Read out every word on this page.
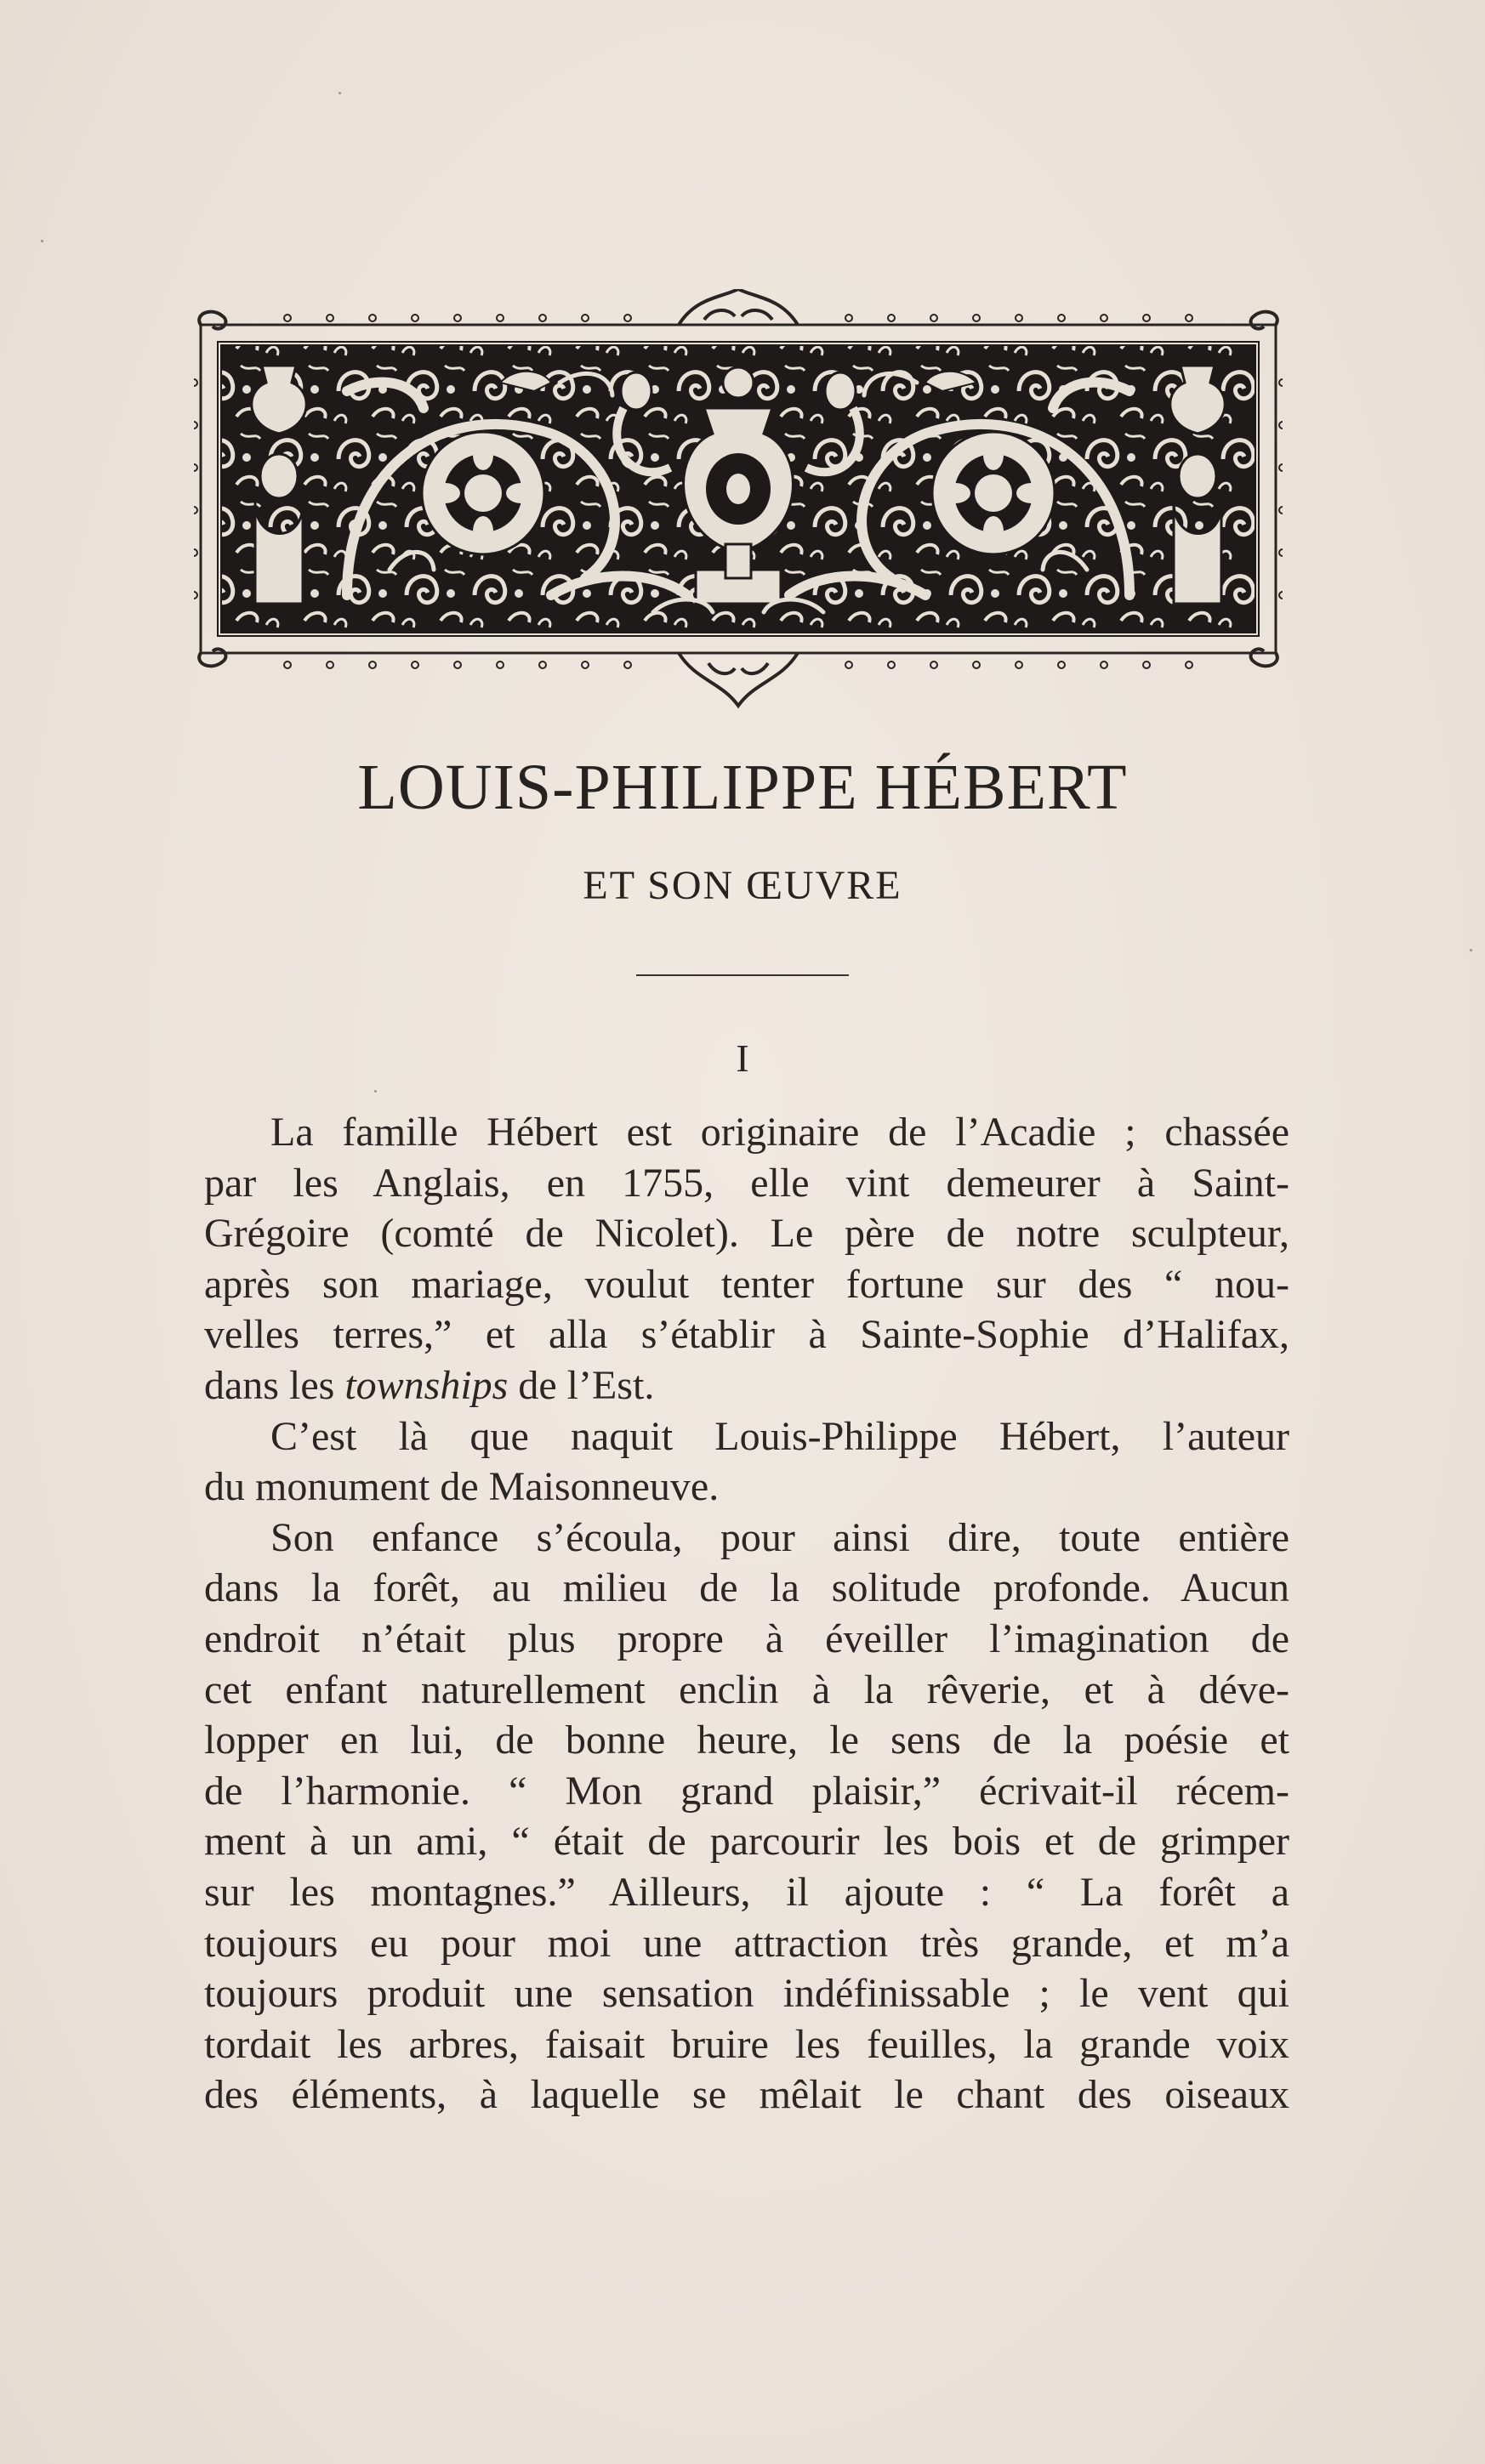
LOUIS-PHILIPPE HÉBERT
ET SON ŒUVRE
I

La famille Hébert est originaire de l’Acadie ; chassée
par les Anglais, en 1755, elle vint demeurer à Saint-
Grégoire (comté de Nicolet). Le père de notre sculpteur,
après son mariage, voulut tenter fortune sur des “ nou-
velles terres,” et alla s’établir à Sainte-Sophie d’Halifax,
dans les townships de l’Est.

C’est là que naquit Louis-Philippe Hébert, l’auteur
du monument de Maisonneuve.

Son enfance s’écoula, pour ainsi dire, toute entière
dans la forêt, au milieu de la solitude profonde. Aucun
endroit n’était plus propre à éveiller l’imagination de
cet enfant naturellement enclin à la rêverie, et à déve-
lopper en lui, de bonne heure, le sens de la poésie et
de l’harmonie. “ Mon grand plaisir,” écrivait-il récem-
ment à un ami, “ était de parcourir les bois et de grimper
sur les montagnes.” Ailleurs, il ajoute : “ La forêt a
toujours eu pour moi une attraction très grande, et m’a
toujours produit une sensation indéfinissable ; le vent qui
tordait les arbres, faisait bruire les feuilles, la grande voix
des éléments, à laquelle se mêlait le chant des oiseaux
